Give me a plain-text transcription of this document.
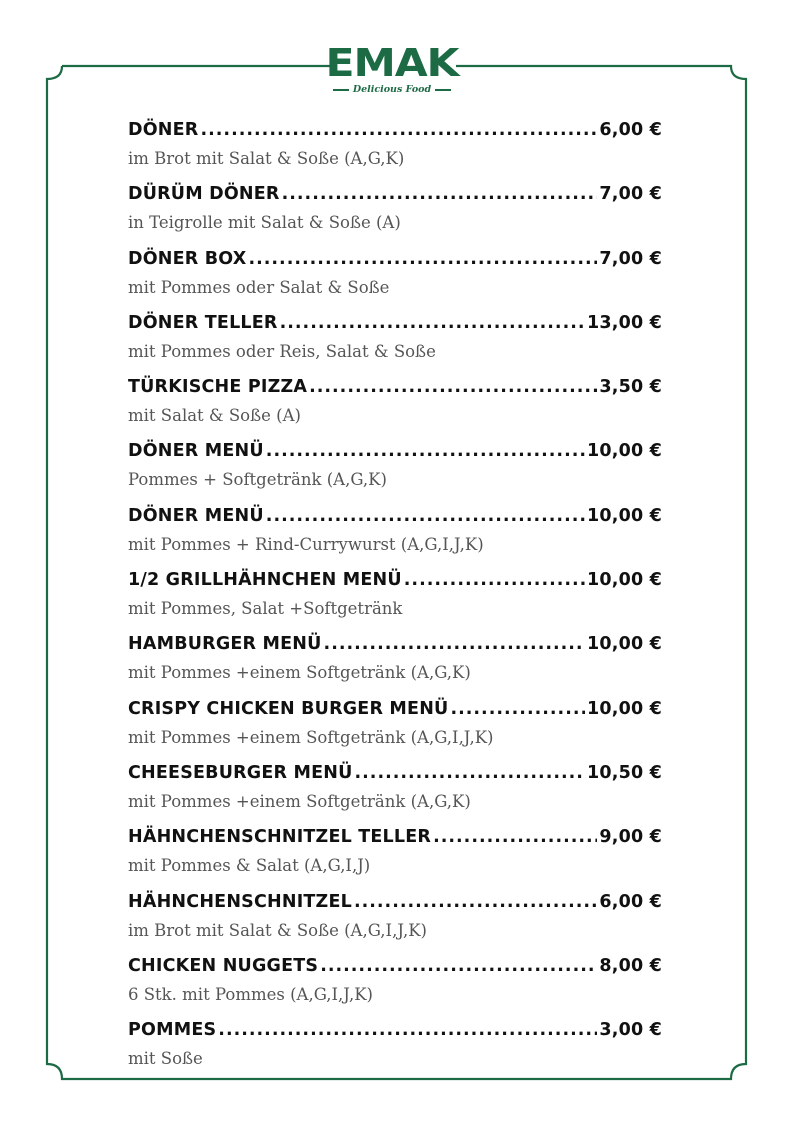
EMAK
Delicious Food
DÖNER .....	6,00 €
im Brot mit Salat & Soße (A,G,K)
DÜRÜM DÖNER .....	7,00 €
in Teigrolle mit Salat & Soße (A)
DÖNER BOX .....	7,00 €
mit Pommes oder Salat & Soße
DÖNER TELLER .....	13,00 €
mit Pommes oder Reis, Salat & Soße
TÜRKISCHE PIZZA .....	3,50 €
mit Salat & Soße (A)
DÖNER MENÜ .....	10,00 €
Pommes + Softgetränk (A,G,K)
DÖNER MENÜ .....	10,00 €
mit Pommes + Rind-Currywurst (A,G,I,J,K)
1/2 GRILLHÄHNCHEN MENÜ .....	10,00 €
mit Pommes, Salat +Softgetränk
HAMBURGER MENÜ .....	10,00 €
mit Pommes +einem Softgetränk (A,G,K)
CRISPY CHICKEN BURGER MENÜ .....	10,00 €
mit Pommes +einem Softgetränk (A,G,I,J,K)
CHEESEBURGER MENÜ .....	10,50 €
mit Pommes +einem Softgetränk (A,G,K)
HÄHNCHENSCHNITZEL TELLER .....	9,00 €
mit Pommes & Salat (A,G,I,J)
HÄHNCHENSCHNITZEL .....	6,00 €
im Brot mit Salat & Soße (A,G,I,J,K)
CHICKEN NUGGETS .....	8,00 €
6 Stk. mit Pommes (A,G,I,J,K)
POMMES .....	3,00 €
mit Soße
